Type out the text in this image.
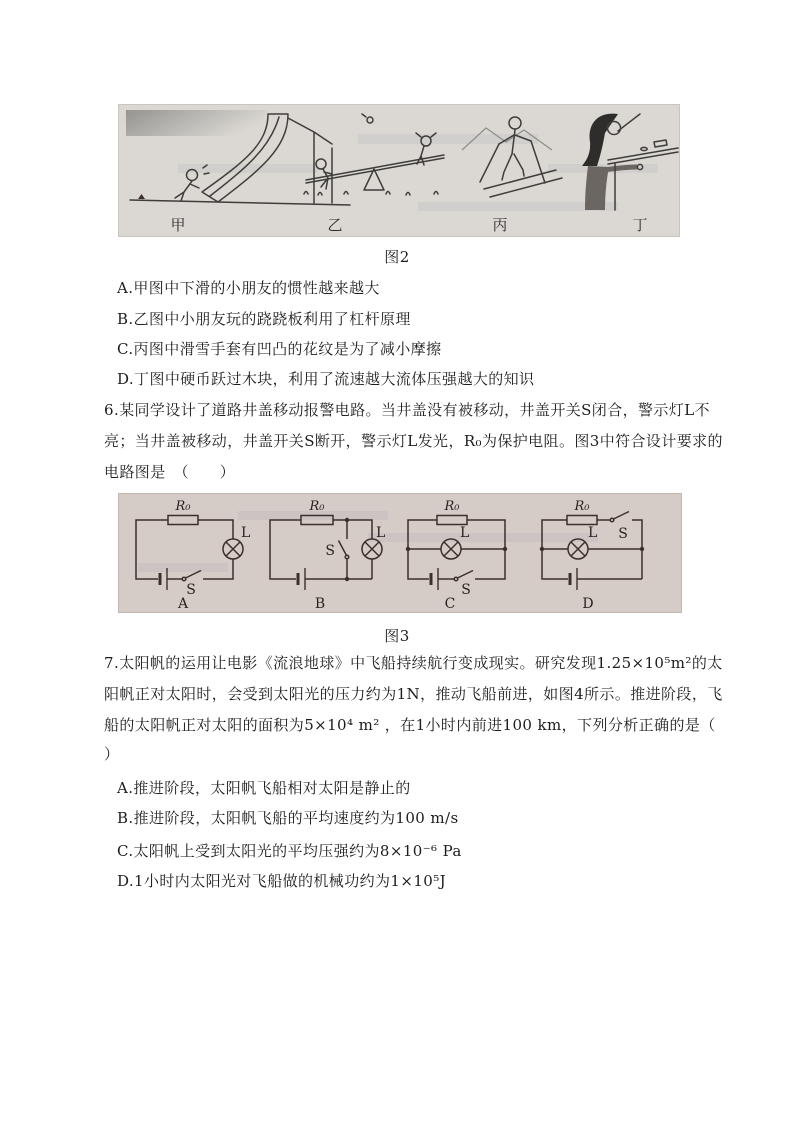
甲	乙	丙	丁
图2
A.甲图中下滑的小朋友的惯性越来越大
B.乙图中小朋友玩的跷跷板利用了杠杆原理
C.丙图中滑雪手套有凹凸的花纹是为了减小摩擦
D.丁图中硬币跃过木块，利用了流速越大流体压强越大的知识
6.某同学设计了道路井盖移动报警电路。当井盖没有被移动，井盖开关S闭合，警示灯L不
亮；当井盖被移动，井盖开关S断开，警示灯L发光，R₀为保护电阻。图3中符合设计要求的
电路图是　（　　）
R₀
L
S
A
R₀
L
S
B
R₀
L
S
C
R₀
L S
D
图3
7.太阳帆的运用让电影《流浪地球》中飞船持续航行变成现实。研究发现1.25×10⁵m²的太
阳帆正对太阳时，会受到太阳光的压力约为1N，推动飞船前进，如图4所示。推进阶段，飞
船的太阳帆正对太阳的面积为5×10⁴ m² ，在1小时内前进100 km，下列分析正确的是（
）
A.推进阶段，太阳帆飞船相对太阳是静止的
B.推进阶段，太阳帆飞船的平均速度约为100 m/s
C.太阳帆上受到太阳光的平均压强约为8×10⁻⁶ Pa
D.1小时内太阳光对飞船做的机械功约为1×10⁵J
